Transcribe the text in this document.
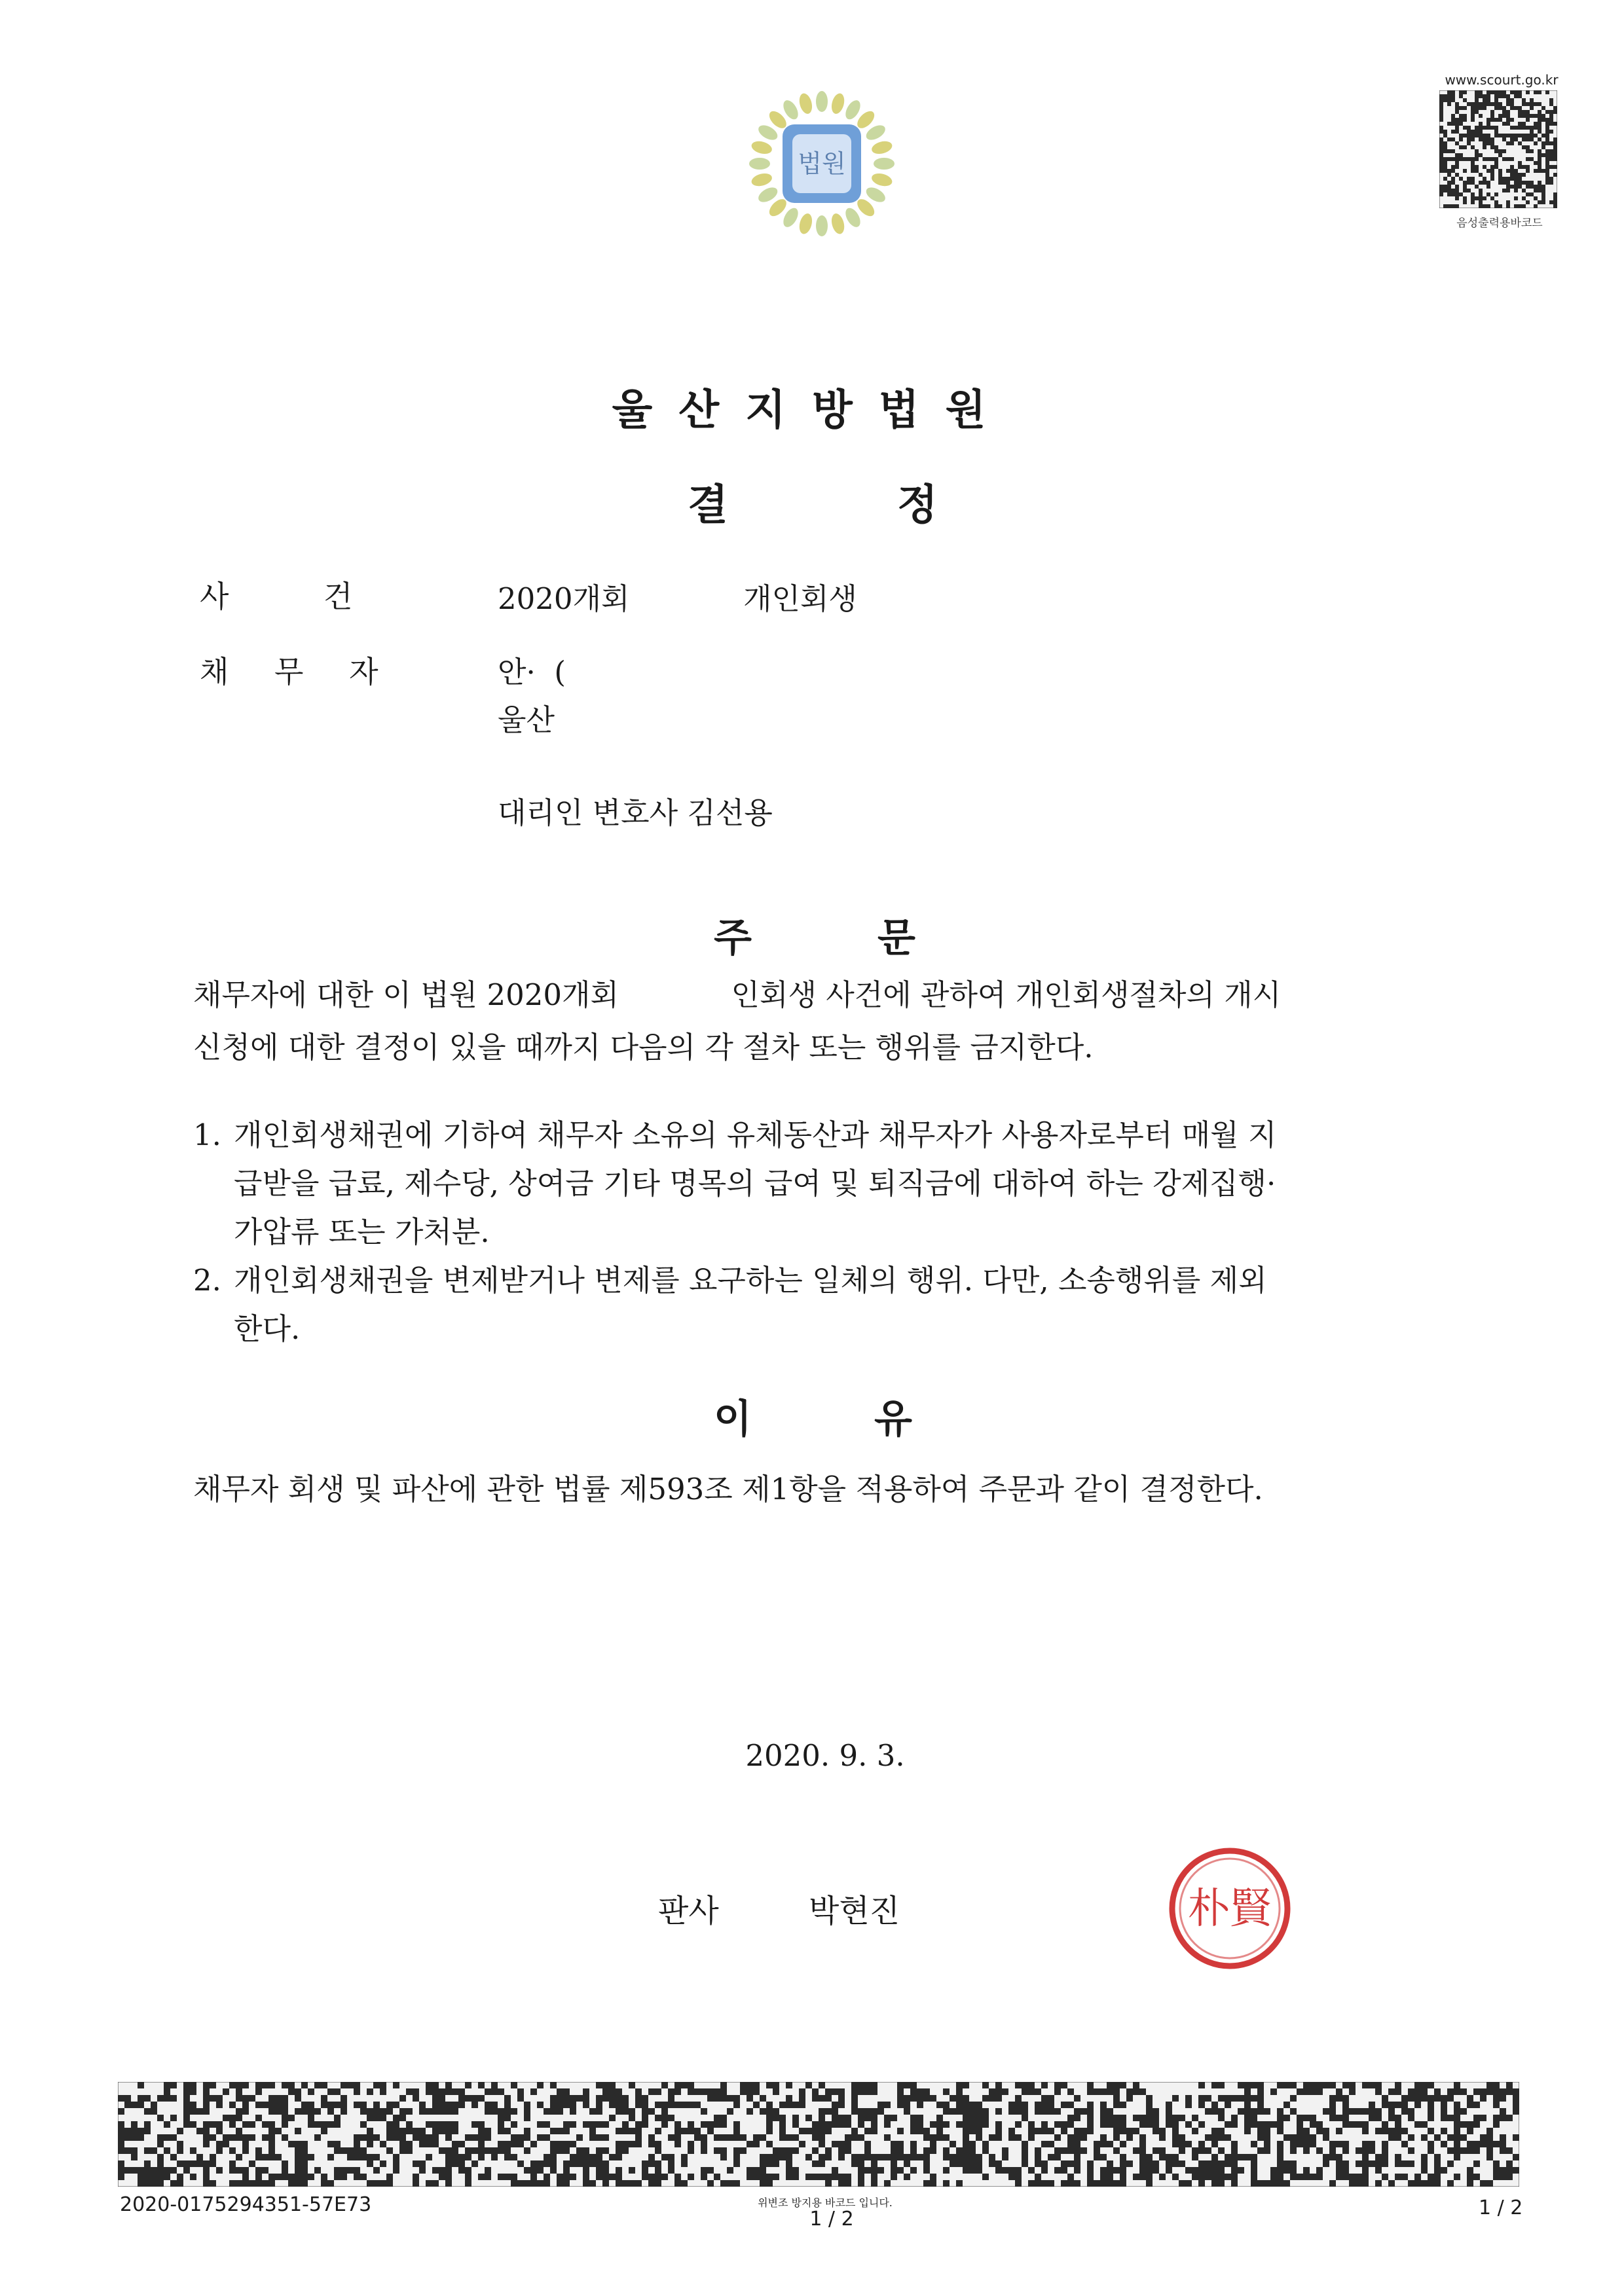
법원
www.scourt.go.kr
음성출력용바코드
울산지방법원
결	정
사 건	2020개회	개인회생
채 무 자	안·  (
울산
대리인 변호사 김선용
주	문
채무자에 대한 이 법원 2020개회            인회생 사건에 관하여 개인회생절차의 개시
신청에 대한 결정이 있을 때까지 다음의 각 절차 또는 행위를 금지한다.
1. 개인회생채권에 기하여 채무자 소유의 유체동산과 채무자가 사용자로부터 매월 지
급받을 급료, 제수당, 상여금 기타 명목의 급여 및 퇴직금에 대하여 하는 강제집행·
가압류 또는 가처분.
2. 개인회생채권을 변제받거나 변제를 요구하는 일체의 행위. 다만, 소송행위를 제외
한다.
이	유
채무자 회생 및 파산에 관한 법률 제593조 제1항을 적용하여 주문과 같이 결정한다.
2020. 9. 3.
판사	박현진	朴賢
2020-0175294351-57E73	위변조 방지용 바코드 입니다.
1 / 2	1 / 2
